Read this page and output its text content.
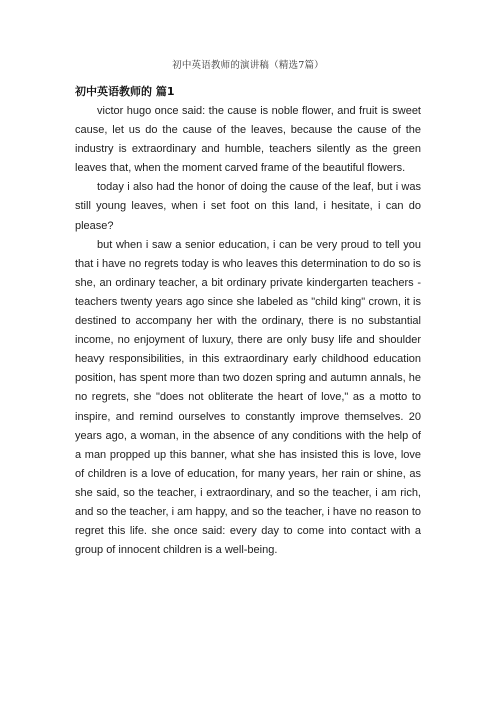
初中英语教师的演讲稿（精选7篇）
初中英语教师的 篇1

victor hugo once said: the cause is noble flower, and fruit is sweet cause, let us do the cause of the leaves, because the cause of the industry is extraordinary and humble, teachers silently as the green leaves that, when the moment carved frame of the beautiful flowers.

today i also had the honor of doing the cause of the leaf, but i was still young leaves, when i set foot on this land, i hesitate, i can do please?

but when i saw a senior education, i can be very proud to tell you that i have no regrets today is who leaves this determination to do so is she, an ordinary teacher, a bit ordinary private kindergarten teachers - teachers twenty years ago since she labeled as "child king" crown, it is destined to accompany her with the ordinary, there is no substantial income, no enjoyment of luxury, there are only busy life and shoulder heavy responsibilities, in this extraordinary early childhood education position, has spent more than two dozen spring and autumn annals, he no regrets, she "does not obliterate the heart of love," as a motto to inspire, and remind ourselves to constantly improve themselves. 20 years ago, a woman, in the absence of any conditions with the help of a man propped up this banner, what she has insisted this is love, love of children is a love of education, for many years, her rain or shine, as she said, so the teacher, i extraordinary, and so the teacher, i am rich, and so the teacher, i am happy, and so the teacher, i have no reason to regret this life. she once said: every day to come into contact with a group of innocent children is a well-being.
